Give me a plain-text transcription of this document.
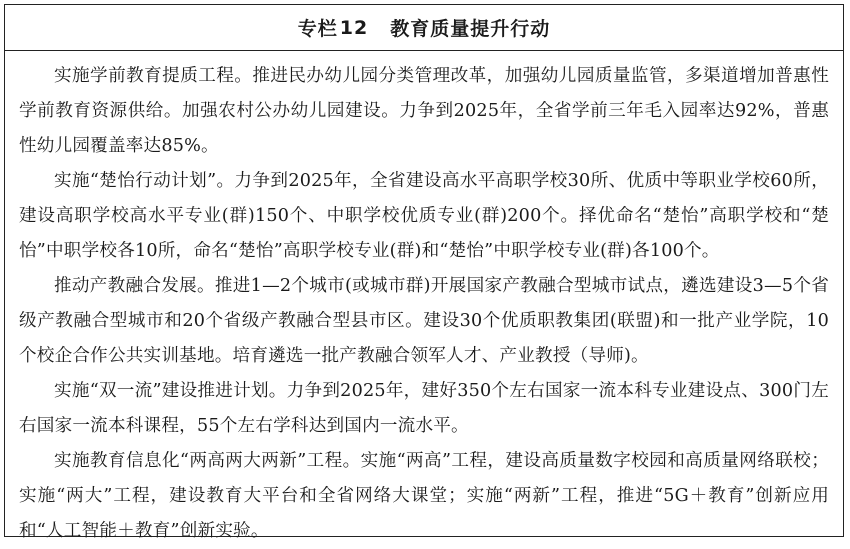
专栏 12 教育质量提升行动

实施学前教育提质工程。推进民办幼儿园分类管理改革，加强幼儿园质量监管，多渠道增加普惠性学前教育资源供给。加强农村公办幼儿园建设。力争到2025年，全省学前三年毛入园率达92%，普惠性幼儿园覆盖率达85%。

实施“楚怡行动计划”。力争到2025年，全省建设高水平高职学校30所、优质中等职业学校60所，建设高职学校高水平专业(群)150个、中职学校优质专业(群)200个。择优命名“楚怡”高职学校和“楚怡”中职学校各10所，命名“楚怡”高职学校专业(群)和“楚怡”中职学校专业(群)各100个。

推动产教融合发展。推进1—2个城市(或城市群)开展国家产教融合型城市试点，遴选建设3—5个省级产教融合型城市和20个省级产教融合型县市区。建设30个优质职教集团(联盟)和一批产业学院，10个校企合作公共实训基地。培育遴选一批产教融合领军人才、产业教授（导师)。

实施“双一流”建设推进计划。力争到2025年，建好350个左右国家一流本科专业建设点、300门左右国家一流本科课程，55个左右学科达到国内一流水平。

实施教育信息化“两高两大两新”工程。实施“两高”工程，建设高质量数字校园和高质量网络联校；实施“两大”工程，建设教育大平台和全省网络大课堂；实施“两新”工程，推进“5G＋教育”创新应用和“人工智能＋教育”创新实验。
